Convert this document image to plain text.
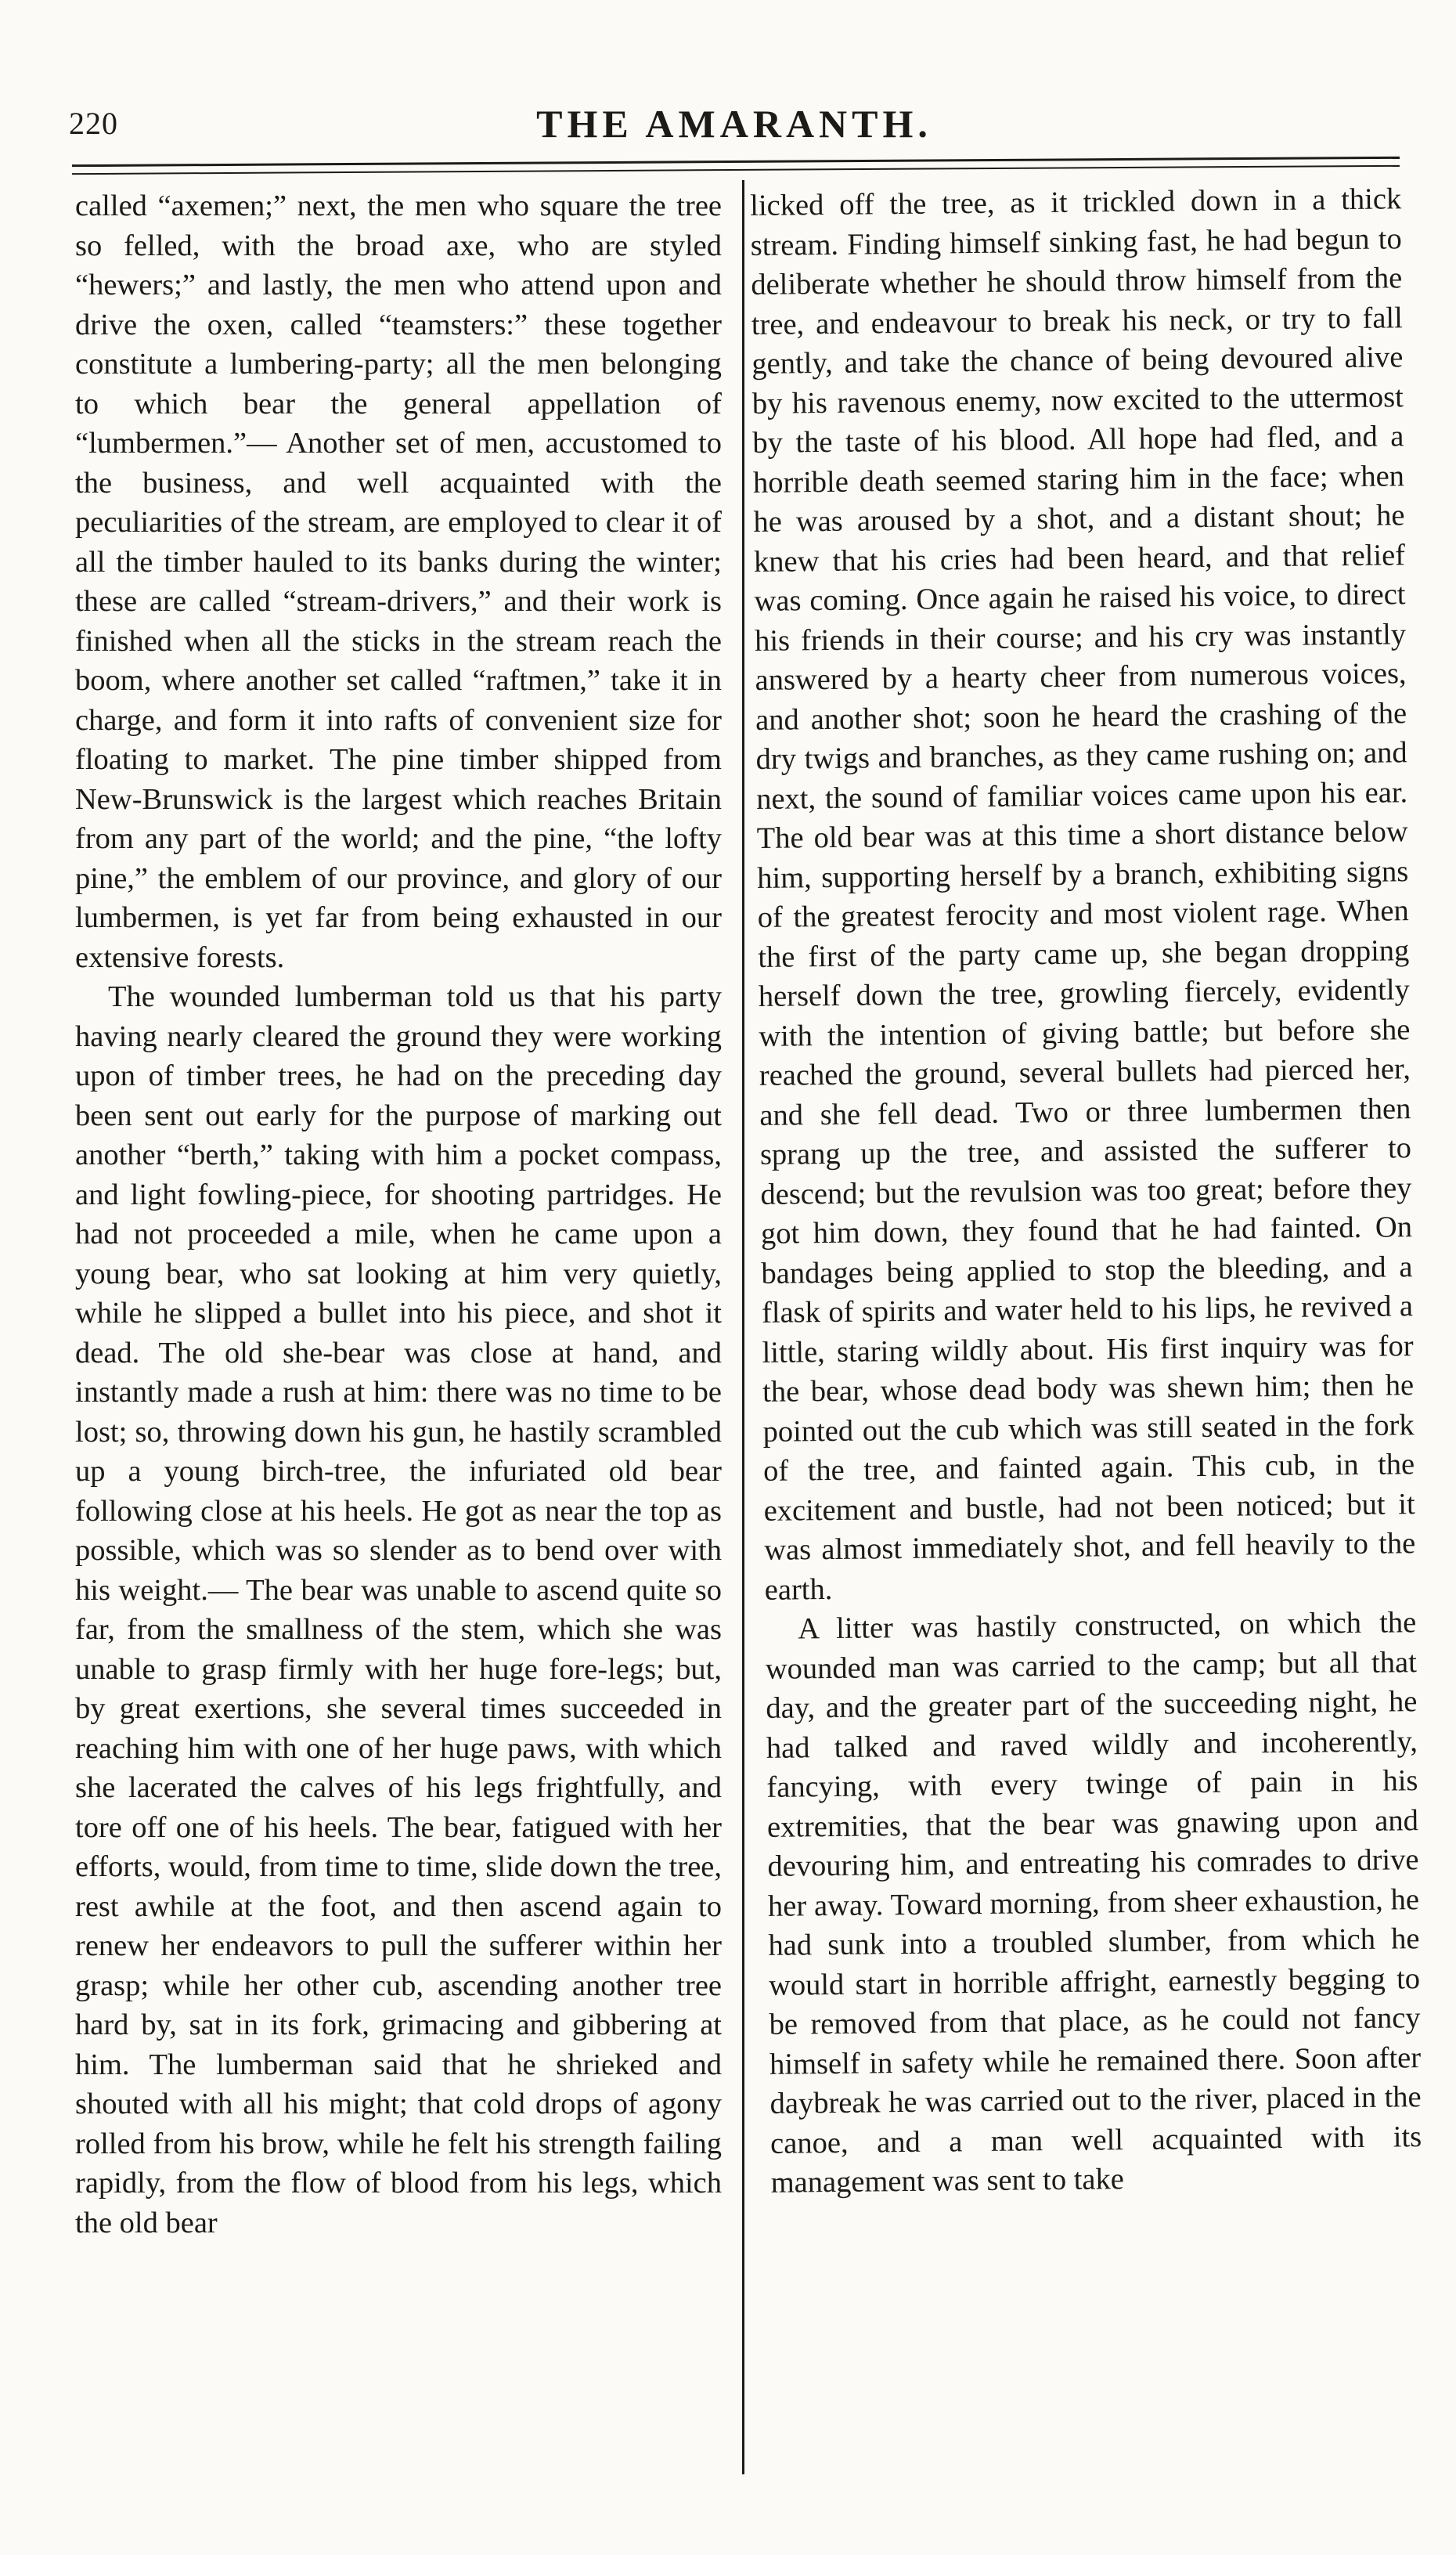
220	THE AMARANTH.

called “axemen;” next, the men who square the tree so felled, with the broad axe, who are styled “hewers;” and lastly, the men who attend upon and drive the oxen, called “teamsters:” these together constitute a lumbering-party; all the men belonging to which bear the general appellation of “lumbermen.”— Another set of men, accustomed to the business, and well acquainted with the peculiarities of the stream, are employed to clear it of all the timber hauled to its banks during the winter; these are called “stream-drivers,” and their work is finished when all the sticks in the stream reach the boom, where another set called “raftmen,” take it in charge, and form it into rafts of convenient size for floating to market. The pine timber shipped from New-Brunswick is the largest which reaches Britain from any part of the world; and the pine, “the lofty pine,” the emblem of our province, and glory of our lumbermen, is yet far from being exhausted in our extensive forests.

The wounded lumberman told us that his party having nearly cleared the ground they were working upon of timber trees, he had on the preceding day been sent out early for the purpose of marking out another “berth,” taking with him a pocket compass, and light fowling-piece, for shooting partridges. He had not proceeded a mile, when he came upon a young bear, who sat looking at him very quietly, while he slipped a bullet into his piece, and shot it dead. The old she-bear was close at hand, and instantly made a rush at him: there was no time to be lost; so, throwing down his gun, he hastily scrambled up a young birch-tree, the infuriated old bear following close at his heels. He got as near the top as possible, which was so slender as to bend over with his weight.— The bear was unable to ascend quite so far, from the smallness of the stem, which she was unable to grasp firmly with her huge fore-legs; but, by great exertions, she several times succeeded in reaching him with one of her huge paws, with which she lacerated the calves of his legs frightfully, and tore off one of his heels. The bear, fatigued with her efforts, would, from time to time, slide down the tree, rest awhile at the foot, and then ascend again to renew her endeavors to pull the sufferer within her grasp; while her other cub, ascending another tree hard by, sat in its fork, grimacing and gibbering at him. The lumberman said that he shrieked and shouted with all his might; that cold drops of agony rolled from his brow, while he felt his strength failing rapidly, from the flow of blood from his legs, which the old bear

licked off the tree, as it trickled down in a thick stream. Finding himself sinking fast, he had begun to deliberate whether he should throw himself from the tree, and endeavour to break his neck, or try to fall gently, and take the chance of being devoured alive by his ravenous enemy, now excited to the uttermost by the taste of his blood. All hope had fled, and a horrible death seemed staring him in the face; when he was aroused by a shot, and a distant shout; he knew that his cries had been heard, and that relief was coming. Once again he raised his voice, to direct his friends in their course; and his cry was instantly answered by a hearty cheer from numerous voices, and another shot; soon he heard the crashing of the dry twigs and branches, as they came rushing on; and next, the sound of familiar voices came upon his ear. The old bear was at this time a short distance below him, supporting herself by a branch, exhibiting signs of the greatest ferocity and most violent rage. When the first of the party came up, she began dropping herself down the tree, growling fiercely, evidently with the intention of giving battle; but before she reached the ground, several bullets had pierced her, and she fell dead. Two or three lumbermen then sprang up the tree, and assisted the sufferer to descend; but the revulsion was too great; before they got him down, they found that he had fainted. On bandages being applied to stop the bleeding, and a flask of spirits and water held to his lips, he revived a little, staring wildly about. His first inquiry was for the bear, whose dead body was shewn him; then he pointed out the cub which was still seated in the fork of the tree, and fainted again. This cub, in the excitement and bustle, had not been noticed; but it was almost immediately shot, and fell heavily to the earth.

A litter was hastily constructed, on which the wounded man was carried to the camp; but all that day, and the greater part of the succeeding night, he had talked and raved wildly and incoherently, fancying, with every twinge of pain in his extremities, that the bear was gnawing upon and devouring him, and entreating his comrades to drive her away. Toward morning, from sheer exhaustion, he had sunk into a troubled slumber, from which he would start in horrible affright, earnestly begging to be removed from that place, as he could not fancy himself in safety while he remained there. Soon after daybreak he was carried out to the river, placed in the canoe, and a man well acquainted with its management was sent to take
